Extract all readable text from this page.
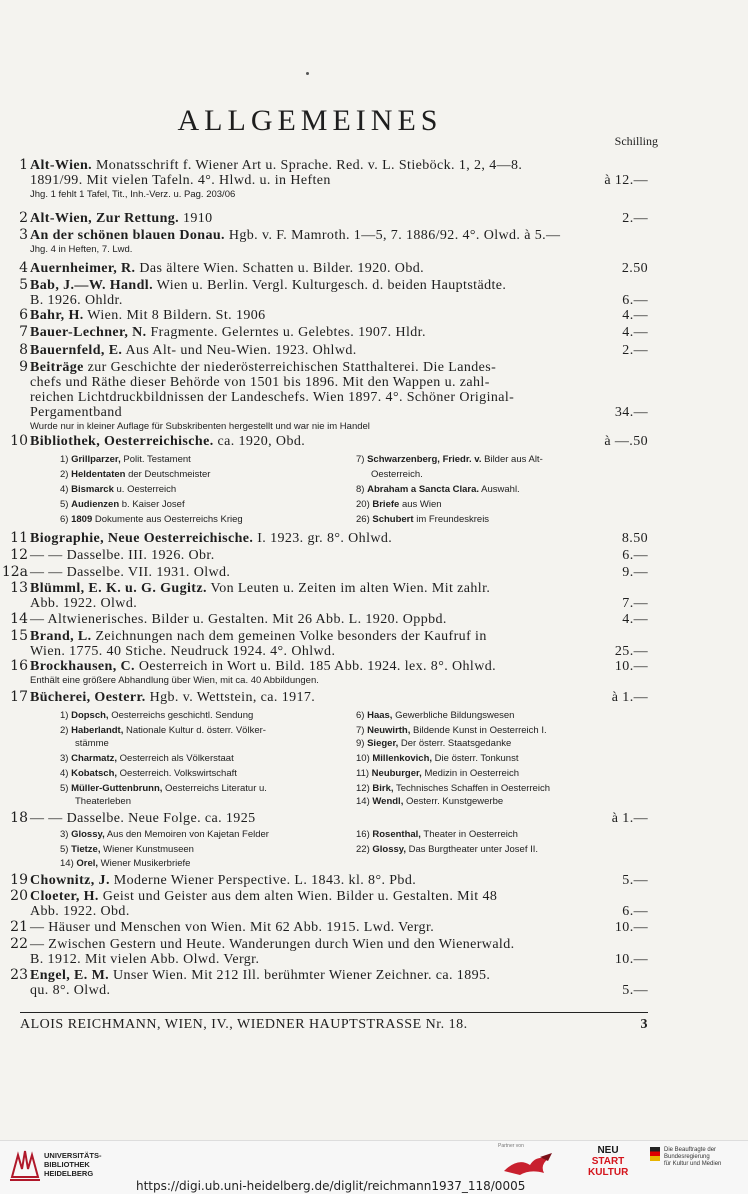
ALLGEMEINES
Schilling
1 Alt-Wien. Monatsschrift f. Wiener Art u. Sprache. Red. v. L. Stieböck. 1, 2, 4—8.
1891/99. Mit vielen Tafeln. 4°. Hlwd. u. in Heften	à 12.—
Jhg. 1 fehlt 1 Tafel, Tit., Inh.-Verz. u. Pag. 203/06
2 Alt-Wien, Zur Rettung. 1910	2.—
3 An der schönen blauen Donau. Hgb. v. F. Mamroth. 1—5, 7. 1886/92. 4°. Olwd. à 5.—
Jhg. 4 in Heften, 7. Lwd.
4 Auernheimer, R. Das ältere Wien. Schatten u. Bilder. 1920. Obd.	2.50
5 Bab, J.—W. Handl. Wien u. Berlin. Vergl. Kulturgesch. d. beiden Hauptstädte.
B. 1926. Ohldr.	6.—
6 Bahr, H. Wien. Mit 8 Bildern. St. 1906	4.—
7 Bauer-Lechner, N. Fragmente. Gelerntes u. Gelebtes. 1907. Hldr.	4.—
8 Bauernfeld, E. Aus Alt- und Neu-Wien. 1923. Ohlwd.	2.—
9 Beiträge zur Geschichte der niederösterreichischen Statthalterei. Die Landes-
chefs und Räthe dieser Behörde von 1501 bis 1896. Mit den Wappen u. zahl-
reichen Lichtdruckbildnissen der Landeschefs. Wien 1897. 4°. Schöner Original-
Pergamentband	34.—
Wurde nur in kleiner Auflage für Subskribenten hergestellt und war nie im Handel
10 Bibliothek, Oesterreichische. ca. 1920, Obd.	à —.50
11 Biographie, Neue Oesterreichische. I. 1923. gr. 8°. Ohlwd.	8.50
12 — — Dasselbe. III. 1926. Obr.	6.—
12a — — Dasselbe. VII. 1931. Olwd.	9.—
13 Blümml, E. K. u. G. Gugitz. Von Leuten u. Zeiten im alten Wien. Mit zahlr.
Abb. 1922. Olwd.	7.—
14 — Altwienerisches. Bilder u. Gestalten. Mit 26 Abb. L. 1920. Oppbd.	4.—
15 Brand, L. Zeichnungen nach dem gemeinen Volke besonders der Kaufruf in
Wien. 1775. 40 Stiche. Neudruck 1924. 4°. Ohlwd.	25.—
16 Brockhausen, C. Oesterreich in Wort u. Bild. 185 Abb. 1924. lex. 8°. Ohlwd.	10.—
Enthält eine größere Abhandlung über Wien, mit ca. 40 Abbildungen.
17 Bücherei, Oesterr. Hgb. v. Wettstein, ca. 1917.	à 1.—
18 — — Dasselbe. Neue Folge. ca. 1925	à 1.—
19 Chownitz, J. Moderne Wiener Perspective. L. 1843. kl. 8°. Pbd.	5.—
20 Cloeter, H. Geist und Geister aus dem alten Wien. Bilder u. Gestalten. Mit 48
Abb. 1922. Obd.	6.—
21 — Häuser und Menschen von Wien. Mit 62 Abb. 1915. Lwd. Vergr.	10.—
22 — Zwischen Gestern und Heute. Wanderungen durch Wien und den Wienerwald.
B. 1912. Mit vielen Abb. Olwd. Vergr.	10.—
23 Engel, E. M. Unser Wien. Mit 212 Ill. berühmter Wiener Zeichner. ca. 1895.
qu. 8°. Olwd.	5.—
1) Grillparzer, Polit. Testament
2) Heldentaten der Deutschmeister
4) Bismarck u. Oesterreich
5) Audienzen b. Kaiser Josef
6) 1809 Dokumente aus Oesterreichs Krieg
7) Schwarzenberg, Friedr. v. Bilder aus Alt-
Oesterreich.
8) Abraham a Sancta Clara. Auswahl.
20) Briefe aus Wien
26) Schubert im Freundeskreis
1) Dopsch, Oesterreichs geschichtl. Sendung
2) Haberlandt, Nationale Kultur d. österr. Völker-
stämme
3) Charmatz, Oesterreich als Völkerstaat
4) Kobatsch, Oesterreich. Volkswirtschaft
5) Müller-Guttenbrunn, Oesterreichs Literatur u.
Theaterleben
6) Haas, Gewerbliche Bildungswesen
7) Neuwirth, Bildende Kunst in Oesterreich I.
9) Sieger, Der österr. Staatsgedanke
10) Millenkovich, Die österr. Tonkunst
11) Neuburger, Medizin in Oesterreich
12) Birk, Technisches Schaffen in Oesterreich
14) Wendl, Oesterr. Kunstgewerbe
3) Glossy, Aus den Memoiren von Kajetan Felder
5) Tietze, Wiener Kunstmuseen
14) Orel, Wiener Musikerbriefe
16) Rosenthal, Theater in Oesterreich
22) Glossy, Das Burgtheater unter Josef II.
ALOIS REICHMANN, WIEN, IV., WIEDNER HAUPTSTRASSE Nr. 18.	3
UNIVERSITÄTS-
BIBLIOTHEK
HEIDELBERG
https://digi.ub.uni-heidelberg.de/diglit/reichmann1937_118/0005
Partner von	NEU
START
KULTUR
Die Beauftragte der Bundesregierung
für Kultur und Medien
